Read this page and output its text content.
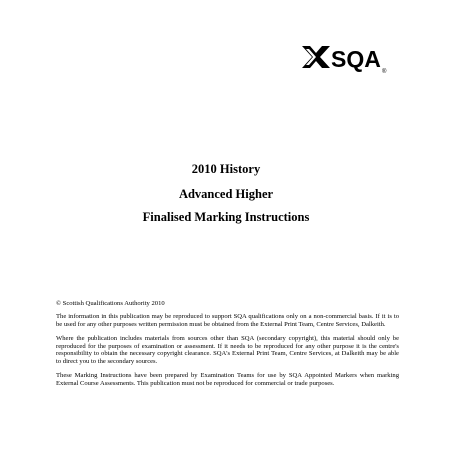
SQA ®

2010 History

Advanced Higher

Finalised Marking Instructions

© Scottish Qualifications Authority 2010

The information in this publication may be reproduced to support SQA qualifications only on a non-commercial basis. If it is to be used for any other purposes written permission must be obtained from the External Print Team, Centre Services, Dalkeith.

Where the publication includes materials from sources other than SQA (secondary copyright), this material should only be reproduced for the purposes of examination or assessment. If it needs to be reproduced for any other purpose it is the centre's responsibility to obtain the necessary copyright clearance. SQA's External Print Team, Centre Services, at Dalkeith may be able to direct you to the secondary sources.

These Marking Instructions have been prepared by Examination Teams for use by SQA Appointed Markers when marking External Course Assessments. This publication must not be reproduced for commercial or trade purposes.
